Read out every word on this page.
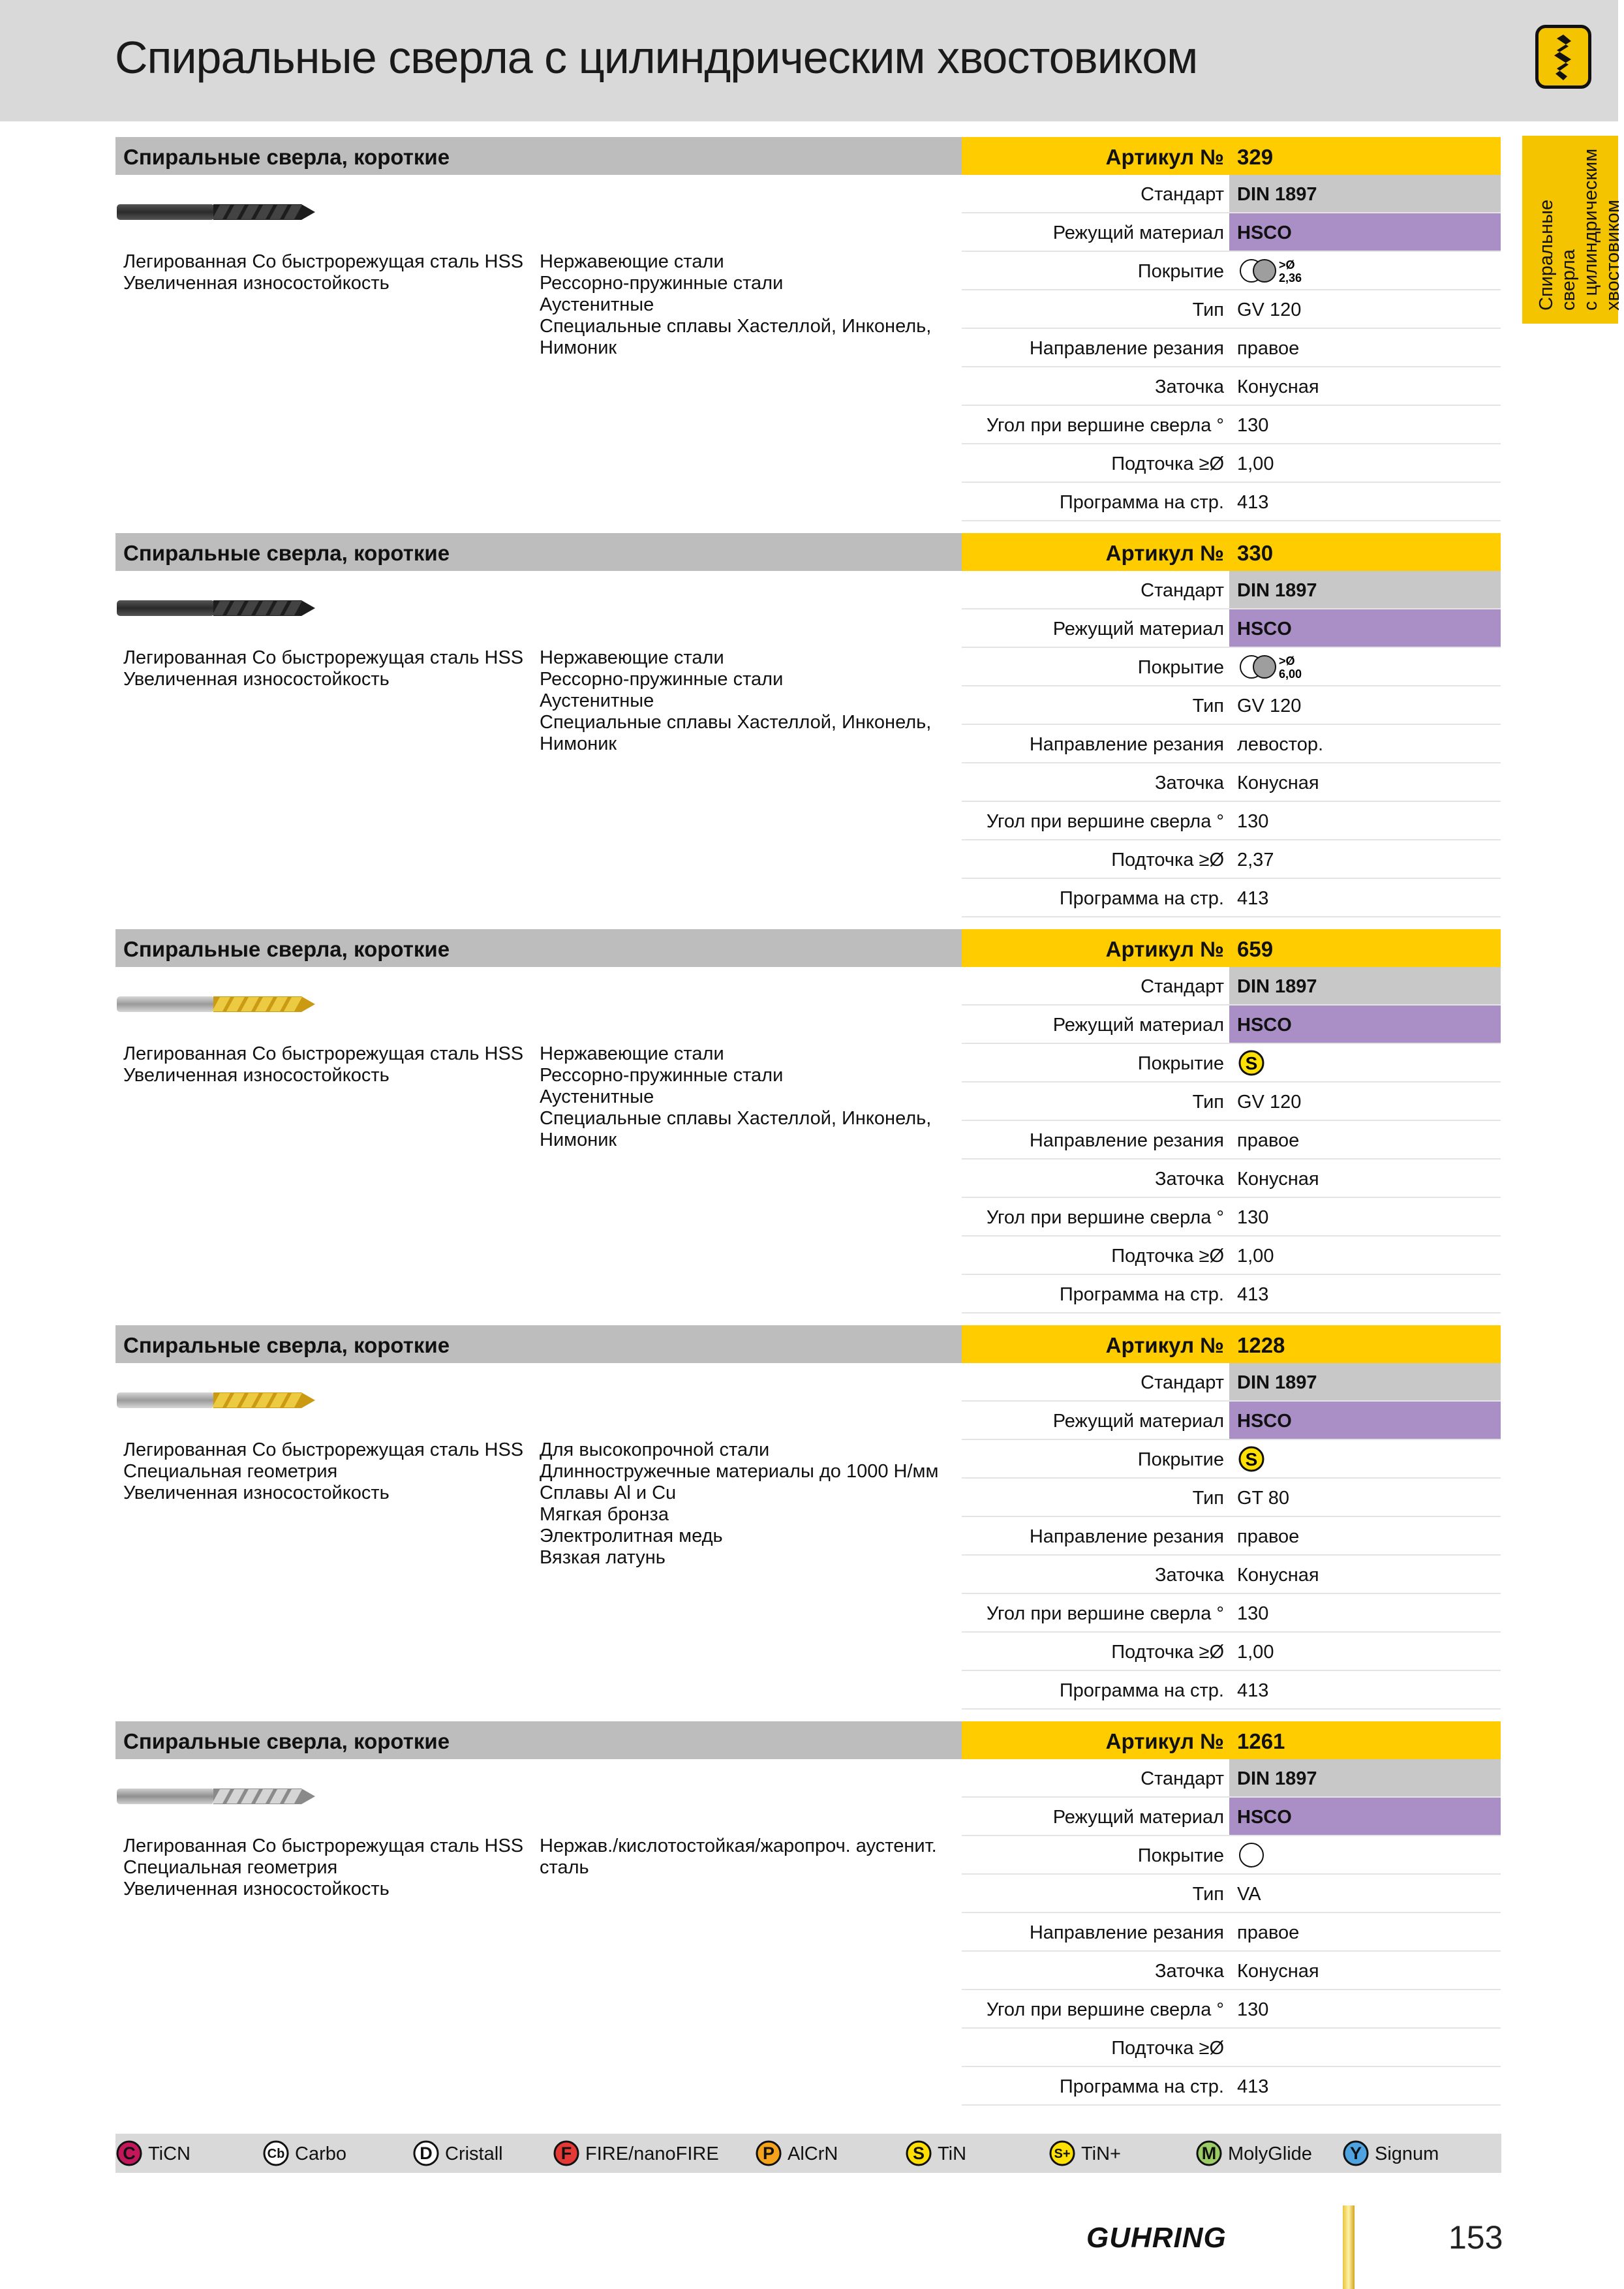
Спиральные сверла с цилиндрическим хвостовиком
Спиральные сверла с цилиндрическим хвостовиком
Спиральные сверла, короткие
Легированная Co быстрорежущая сталь HSS
Увеличенная износостойкость
Нержавеющие стали
Рессорно-пружинные стали
Аустенитные
Специальные сплавы Хастеллой, Инконель,
Нимоник
Артикул № 329
Стандарт DIN 1897
Режущий материал HSCO
Покрытие	>Ø
2,36
Тип GV 120
Направление резания правое
Заточка Конусная
Угол при вершине сверла ° 130
Подточка ≥Ø 1,00
Программа на стр. 413
Спиральные сверла, короткие
Легированная Co быстрорежущая сталь HSS
Увеличенная износостойкость
Нержавеющие стали
Рессорно-пружинные стали
Аустенитные
Специальные сплавы Хастеллой, Инконель,
Нимоник
Артикул № 330
Стандарт DIN 1897
Режущий материал HSCO
Покрытие	>Ø
6,00
Тип GV 120
Направление резания левостор.
Заточка Конусная
Угол при вершине сверла ° 130
Подточка ≥Ø 2,37
Программа на стр. 413
Спиральные сверла, короткие
Легированная Co быстрорежущая сталь HSS
Увеличенная износостойкость
Нержавеющие стали
Рессорно-пружинные стали
Аустенитные
Специальные сплавы Хастеллой, Инконель,
Нимоник
Артикул № 659
Стандарт DIN 1897
Режущий материал HSCO
Покрытие S
Тип GV 120
Направление резания правое
Заточка Конусная
Угол при вершине сверла ° 130
Подточка ≥Ø 1,00
Программа на стр. 413
Спиральные сверла, короткие
Легированная Co быстрорежущая сталь HSS
Специальная геометрия
Увеличенная износостойкость
Для высокопрочной стали
Длинностружечные материалы до 1000 Н/мм
Сплавы Al и Cu
Мягкая бронза
Электролитная медь
Вязкая латунь
Артикул № 1228
Стандарт DIN 1897
Режущий материал HSCO
Покрытие S
Тип GT 80
Направление резания правое
Заточка Конусная
Угол при вершине сверла ° 130
Подточка ≥Ø 1,00
Программа на стр. 413
Спиральные сверла, короткие
Легированная Co быстрорежущая сталь HSS
Специальная геометрия
Увеличенная износостойкость
Нержав./кислотостойкая/жаропроч. аустенит.
сталь
Артикул № 1261
Стандарт DIN 1897
Режущий материал HSCO
Покрытие
Тип VA
Направление резания правое
Заточка Конусная
Угол при вершине сверла ° 130
Подточка ≥Ø
Программа на стр. 413
C TiCN	Cb Carbo	D Cristall	F FIRE/nanoFIRE P AlCrN	S TiN	S+ TiN+	M MolyGlide Y Signum
GUHRING	153
